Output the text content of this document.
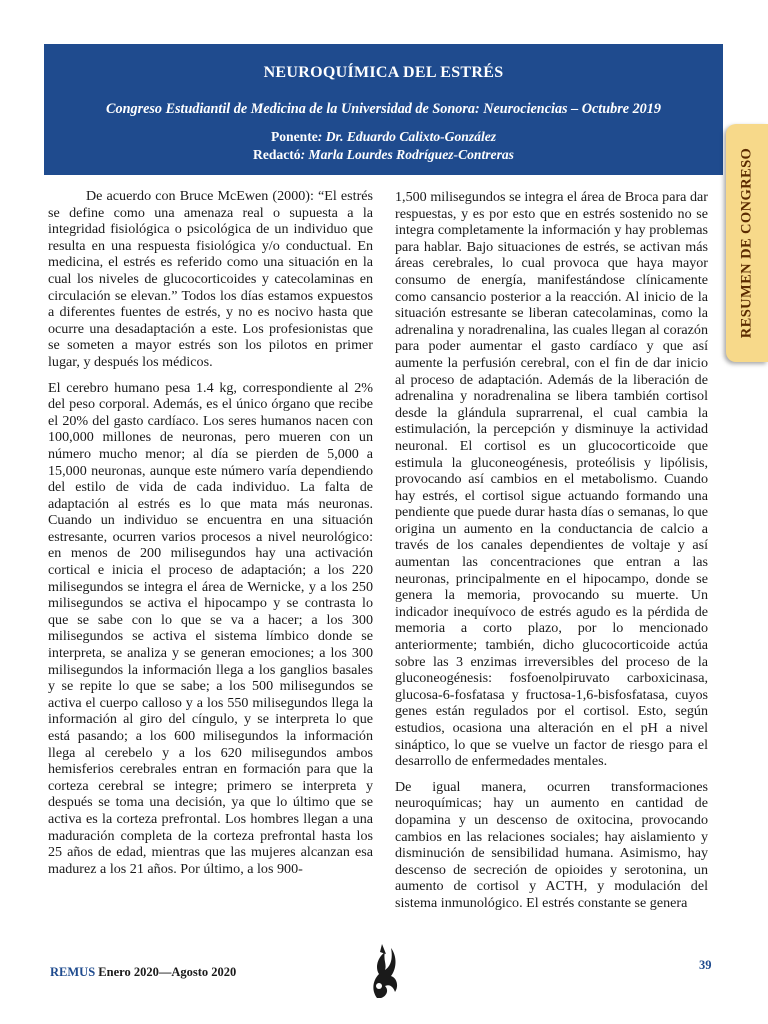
NEUROQUÍMICA DEL ESTRÉS
Congreso Estudiantil de Medicina de la Universidad de Sonora: Neurociencias – Octubre 2019
Ponente: Dr. Eduardo Calixto-González
Redactó: Marla Lourdes Rodríguez-Contreras	RESUMEN DE CONGRESO

De acuerdo con Bruce McEwen (2000): “El estrés se define como una amenaza real o supuesta a la integridad fisiológica o psicológica de un individuo que resulta en una respuesta fisiológica y/o conductual. En medicina, el estrés es referido como una situación en la cual los niveles de glucocorticoides y catecolaminas en circulación se elevan.” Todos los días estamos expuestos a diferentes fuentes de estrés, y no es nocivo hasta que ocurre una desadaptación a este. Los profesionistas que se someten a mayor estrés son los pilotos en primer lugar, y después los médicos.

El cerebro humano pesa 1.4 kg, correspondiente al 2% del peso corporal. Además, es el único órgano que recibe el 20% del gasto cardíaco. Los seres humanos nacen con 100,000 millones de neuronas, pero mueren con un número mucho menor; al día se pierden de 5,000 a 15,000 neuronas, aunque este número varía dependiendo del estilo de vida de cada individuo. La falta de adaptación al estrés es lo que mata más neuronas. Cuando un individuo se encuentra en una situación estresante, ocurren varios procesos a nivel neurológico: en menos de 200 milisegundos hay una activación cortical e inicia el proceso de adaptación; a los 220 milisegundos se integra el área de Wernicke, y a los 250 milisegundos se activa el hipocampo y se contrasta lo que se sabe con lo que se va a hacer; a los 300 milisegundos se activa el sistema límbico donde se interpreta, se analiza y se generan emociones; a los 300 milisegundos la información llega a los ganglios basales y se repite lo que se sabe; a los 500 milisegundos se activa el cuerpo calloso y a los 550 milisegundos llega la información al giro del cíngulo, y se interpreta lo que está pasando; a los 600 milisegundos la información llega al cerebelo y a los 620 milisegundos ambos hemisferios cerebrales entran en formación para que la corteza cerebral se integre; primero se interpreta y después se toma una decisión, ya que lo último que se activa es la corteza prefrontal. Los hombres llegan a una maduración completa de la corteza prefrontal hasta los 25 años de edad, mientras que las mujeres alcanzan esa madurez a los 21 años. Por último, a los 900-

1,500 milisegundos se integra el área de Broca para dar respuestas, y es por esto que en estrés sostenido no se integra completamente la información y hay problemas para hablar. Bajo situaciones de estrés, se activan más áreas cerebrales, lo cual provoca que haya mayor consumo de energía, manifestándose clínicamente como cansancio posterior a la reacción. Al inicio de la situación estresante se liberan catecolaminas, como la adrenalina y noradrenalina, las cuales llegan al corazón para poder aumentar el gasto cardíaco y que así aumente la perfusión cerebral, con el fin de dar inicio al proceso de adaptación. Además de la liberación de adrenalina y noradrenalina se libera también cortisol desde la glándula suprarrenal, el cual cambia la estimulación, la percepción y disminuye la actividad neuronal. El cortisol es un glucocorticoide que estimula la gluconeogénesis, proteólisis y lipólisis, provocando así cambios en el metabolismo. Cuando hay estrés, el cortisol sigue actuando formando una pendiente que puede durar hasta días o semanas, lo que origina un aumento en la conductancia de calcio a través de los canales dependientes de voltaje y así aumentan las concentraciones que entran a las neuronas, principalmente en el hipocampo, donde se genera la memoria, provocando su muerte. Un indicador inequívoco de estrés agudo es la pérdida de memoria a corto plazo, por lo mencionado anteriormente; también, dicho glucocorticoide actúa sobre las 3 enzimas irreversibles del proceso de la gluconeogénesis: fosfoenolpiruvato carboxicinasa, glucosa-6-fosfatasa y fructosa-1,6-bisfosfatasa, cuyos genes están regulados por el cortisol. Esto, según estudios, ocasiona una alteración en el pH a nivel sináptico, lo que se vuelve un factor de riesgo para el desarrollo de enfermedades mentales.

De igual manera, ocurren transformaciones neuroquímicas; hay un aumento en cantidad de dopamina y un descenso de oxitocina, provocando cambios en las relaciones sociales; hay aislamiento y disminución de sensibilidad humana. Asimismo, hay descenso de secreción de opioides y serotonina, un aumento de cortisol y ACTH, y modulación del sistema inmunológico. El estrés constante se genera

REMUS Enero 2020—Agosto 2020	39
